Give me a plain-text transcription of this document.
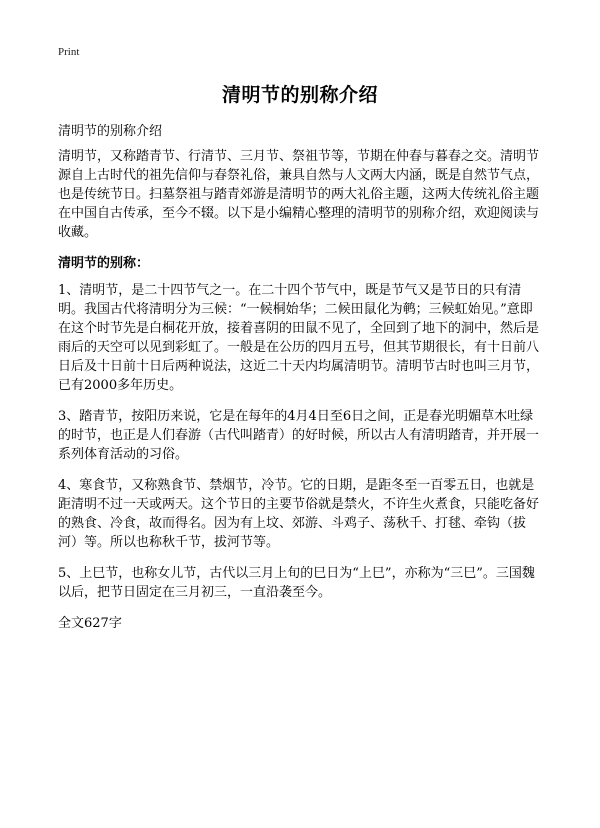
Print
清明节的别称介绍
清明节的别称介绍

清明节，又称踏青节、行清节、三月节、祭祖节等，节期在仲春与暮春之交。清明节源自上古时代的祖先信仰与春祭礼俗，兼具自然与人文两大内涵，既是自然节气点，也是传统节日。扫墓祭祖与踏青郊游是清明节的两大礼俗主题，这两大传统礼俗主题在中国自古传承，至今不辍。以下是小编精心整理的清明节的别称介绍，欢迎阅读与收藏。

清明节的别称：

1、清明节，是二十四节气之一。在二十四个节气中，既是节气又是节日的只有清明。我国古代将清明分为三候：“一候桐始华；二候田鼠化为鹌；三候虹始见。”意即在这个时节先是白桐花开放，接着喜阴的田鼠不见了，全回到了地下的洞中，然后是雨后的天空可以见到彩虹了。一般是在公历的四月五号，但其节期很长，有十日前八日后及十日前十日后两种说法，这近二十天内均属清明节。清明节古时也叫三月节，已有2000多年历史。

3、踏青节，按阳历来说，它是在每年的4月4日至6日之间，正是春光明媚草木吐绿的时节，也正是人们春游（古代叫踏青）的好时候，所以古人有清明踏青，并开展一系列体育活动的习俗。

4、寒食节，又称熟食节、禁烟节，冷节。它的日期，是距冬至一百零五日，也就是距清明不过一天或两天。这个节日的主要节俗就是禁火，不许生火煮食，只能吃备好的熟食、冷食，故而得名。因为有上坟、郊游、斗鸡子、荡秋千、打毬、牵钩（拔河）等。所以也称秋千节，拔河节等。

5、上巳节，也称女儿节，古代以三月上旬的巳日为“上巳”，亦称为“三巳”。三国魏以后，把节日固定在三月初三，一直沿袭至今。

全文627字
